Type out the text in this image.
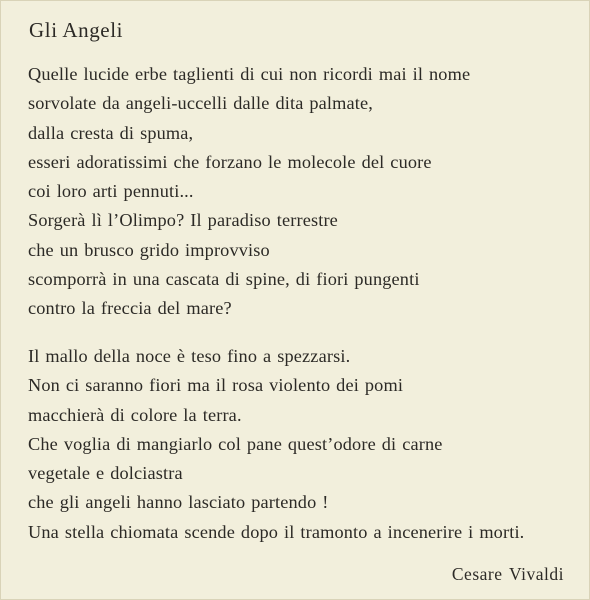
Gli Angeli
Quelle lucide erbe taglienti di cui non ricordi mai il nome
sorvolate da angeli-uccelli dalle dita palmate,
dalla cresta di spuma,
esseri adoratissimi che forzano le molecole del cuore
coi loro arti pennuti...
Sorgerà lì l’Olimpo? Il paradiso terrestre
che un brusco grido improvviso
scomporrà in una cascata di spine, di fiori pungenti
contro la freccia del mare?
Il mallo della noce è teso fino a spezzarsi.
Non ci saranno fiori ma il rosa violento dei pomi
macchierà di colore la terra.
Che voglia di mangiarlo col pane quest’odore di carne
vegetale e dolciastra
che gli angeli hanno lasciato partendo !
Una stella chiomata scende dopo il tramonto a incenerire i morti.
Cesare Vivaldi
